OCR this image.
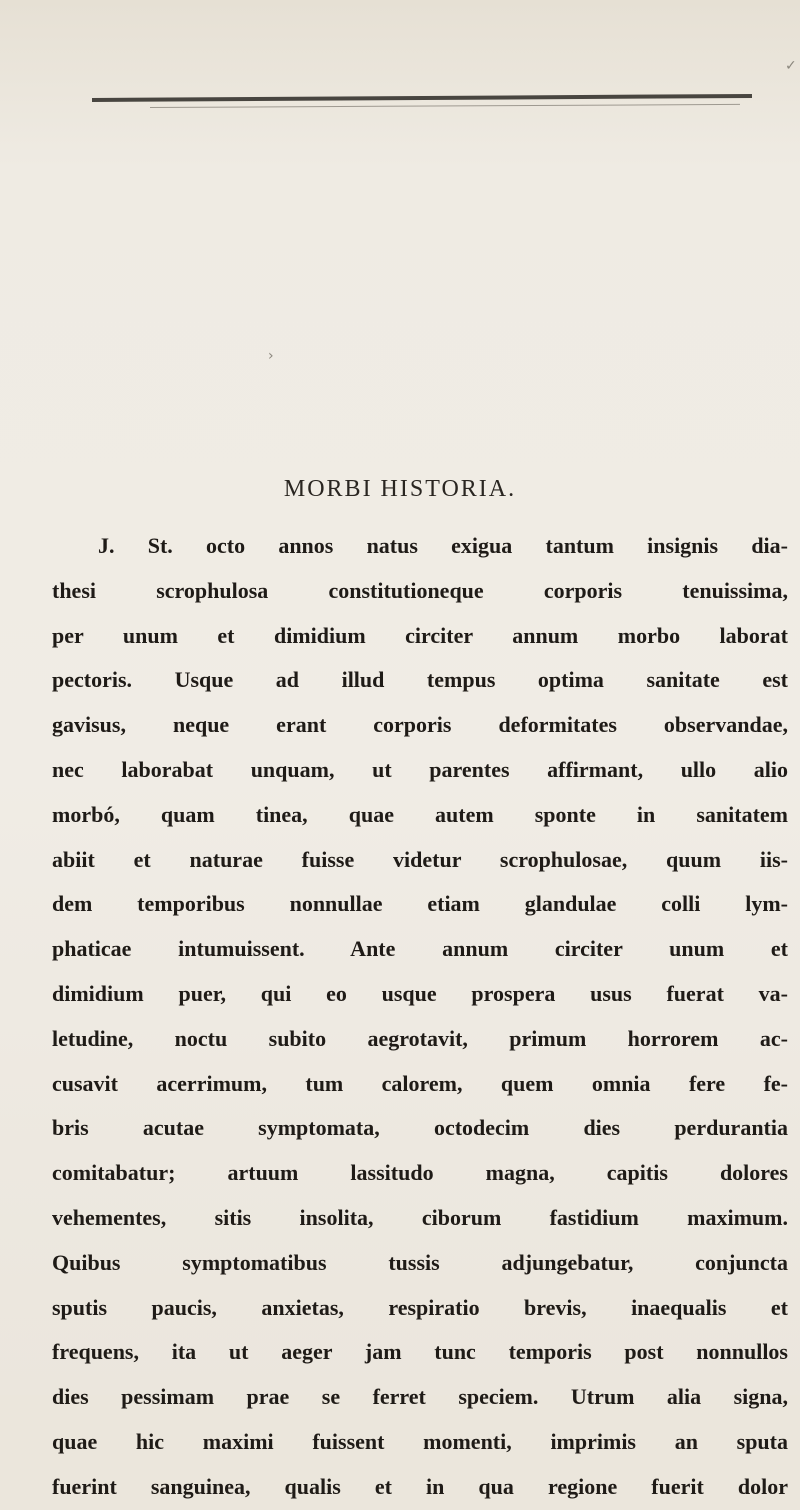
✓
›
MORBI HISTORIA.
J. St. octo annos natus exigua tantum insignis dia-
thesi scrophulosa constitutioneque corporis tenuissima,
per unum et dimidium circiter annum morbo laborat
pectoris. Usque ad illud tempus optima sanitate est
gavisus, neque erant corporis deformitates observandae,
nec laborabat unquam, ut parentes affirmant, ullo alio
morbó, quam tinea, quae autem sponte in sanitatem
abiit et naturae fuisse videtur scrophulosae, quum iis-
dem temporibus nonnullae etiam glandulae colli lym-
phaticae intumuissent. Ante annum circiter unum et
dimidium puer, qui eo usque prospera usus fuerat va-
letudine, noctu subito aegrotavit, primum horrorem ac-
cusavit acerrimum, tum calorem, quem omnia fere fe-
bris acutae symptomata, octodecim dies perdurantia
comitabatur; artuum lassitudo magna, capitis dolores
vehementes, sitis insolita, ciborum fastidium maximum.
Quibus symptomatibus tussis adjungebatur, conjuncta
sputis paucis, anxietas, respiratio brevis, inaequalis et
frequens, ita ut aeger jam tunc temporis post nonnullos
dies pessimam prae se ferret speciem. Utrum alia signa,
quae hic maximi fuissent momenti, imprimis an sputa
fuerint sanguinea, qualis et in qua regione fuerit dolor
